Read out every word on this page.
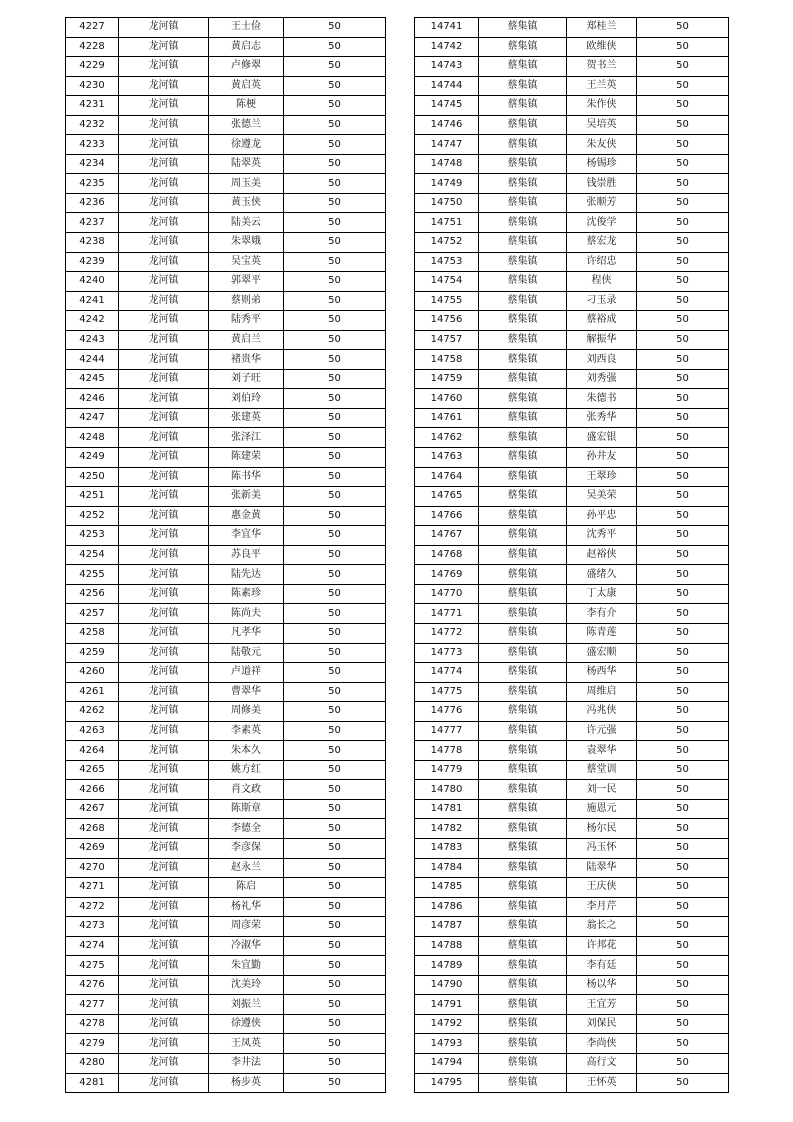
4227	龙河镇	王士俭	50
4228	龙河镇	黄启志	50
4229	龙河镇	卢修翠	50
4230	龙河镇	黄启英	50
4231	龙河镇	陈梗	50
4232	龙河镇	张德兰	50
4233	龙河镇	徐遵龙	50
4234	龙河镇	陆翠英	50
4235	龙河镇	周玉美	50
4236	龙河镇	黄玉侠	50
4237	龙河镇	陆美云	50
4238	龙河镇	朱翠娥	50
4239	龙河镇	吴宝英	50
4240	龙河镇	郭翠平	50
4241	龙河镇	蔡则弟	50
4242	龙河镇	陆秀平	50
4243	龙河镇	黄启兰	50
4244	龙河镇	褚贵华	50
4245	龙河镇	刘子旺	50
4246	龙河镇	刘伯玲	50
4247	龙河镇	张建英	50
4248	龙河镇	张泽江	50
4249	龙河镇	陈建荣	50
4250	龙河镇	陈书华	50
4251	龙河镇	张新美	50
4252	龙河镇	惠金黄	50
4253	龙河镇	李宜华	50
4254	龙河镇	苏良平	50
4255	龙河镇	陆先达	50
4256	龙河镇	陈素珍	50
4257	龙河镇	陈尚夫	50
4258	龙河镇	凡孝华	50
4259	龙河镇	陆敬元	50
4260	龙河镇	卢道祥	50
4261	龙河镇	曹翠华	50
4262	龙河镇	周修美	50
4263	龙河镇	李素英	50
4264	龙河镇	朱本久	50
4265	龙河镇	姚方红	50
4266	龙河镇	肖文政	50
4267	龙河镇	陈斯章	50
4268	龙河镇	李德全	50
4269	龙河镇	李彦保	50
4270	龙河镇	赵永兰	50
4271	龙河镇	陈启	50
4272	龙河镇	杨礼华	50
4273	龙河镇	周彦荣	50
4274	龙河镇	冷淑华	50
4275	龙河镇	朱宜勤	50
4276	龙河镇	沈美玲	50
4277	龙河镇	刘振兰	50
4278	龙河镇	徐遵侠	50
4279	龙河镇	王凤英	50
4280	龙河镇	李井法	50
4281	龙河镇	杨步英	50
14741	蔡集镇	郑桂兰	50
14742	蔡集镇	欧维侠	50
14743	蔡集镇	贺书兰	50
14744	蔡集镇	王兰英	50
14745	蔡集镇	朱作侠	50
14746	蔡集镇	吴培英	50
14747	蔡集镇	朱友侠	50
14748	蔡集镇	杨锡珍	50
14749	蔡集镇	钱崇胜	50
14750	蔡集镇	张顺芳	50
14751	蔡集镇	沈俊学	50
14752	蔡集镇	蔡宏龙	50
14753	蔡集镇	许绍忠	50
14754	蔡集镇	程侠	50
14755	蔡集镇	刁玉录	50
14756	蔡集镇	蔡裕成	50
14757	蔡集镇	解振华	50
14758	蔡集镇	刘西良	50
14759	蔡集镇	刘秀强	50
14760	蔡集镇	朱德书	50
14761	蔡集镇	张秀华	50
14762	蔡集镇	盛宏银	50
14763	蔡集镇	孙井友	50
14764	蔡集镇	王翠珍	50
14765	蔡集镇	吴美荣	50
14766	蔡集镇	孙平忠	50
14767	蔡集镇	沈秀平	50
14768	蔡集镇	赵裕侠	50
14769	蔡集镇	盛绪久	50
14770	蔡集镇	丁太康	50
14771	蔡集镇	李有介	50
14772	蔡集镇	陈青莲	50
14773	蔡集镇	盛宏顺	50
14774	蔡集镇	杨西华	50
14775	蔡集镇	周维启	50
14776	蔡集镇	冯兆侠	50
14777	蔡集镇	许元强	50
14778	蔡集镇	袁翠华	50
14779	蔡集镇	蔡堂训	50
14780	蔡集镇	刘一民	50
14781	蔡集镇	施恩元	50
14782	蔡集镇	杨尔民	50
14783	蔡集镇	冯玉怀	50
14784	蔡集镇	陆翠华	50
14785	蔡集镇	王庆侠	50
14786	蔡集镇	李月芹	50
14787	蔡集镇	翁长之	50
14788	蔡集镇	许邦花	50
14789	蔡集镇	李有廷	50
14790	蔡集镇	杨以华	50
14791	蔡集镇	王宜芳	50
14792	蔡集镇	刘保民	50
14793	蔡集镇	李尚侠	50
14794	蔡集镇	高行文	50
14795	蔡集镇	王怀英	50
